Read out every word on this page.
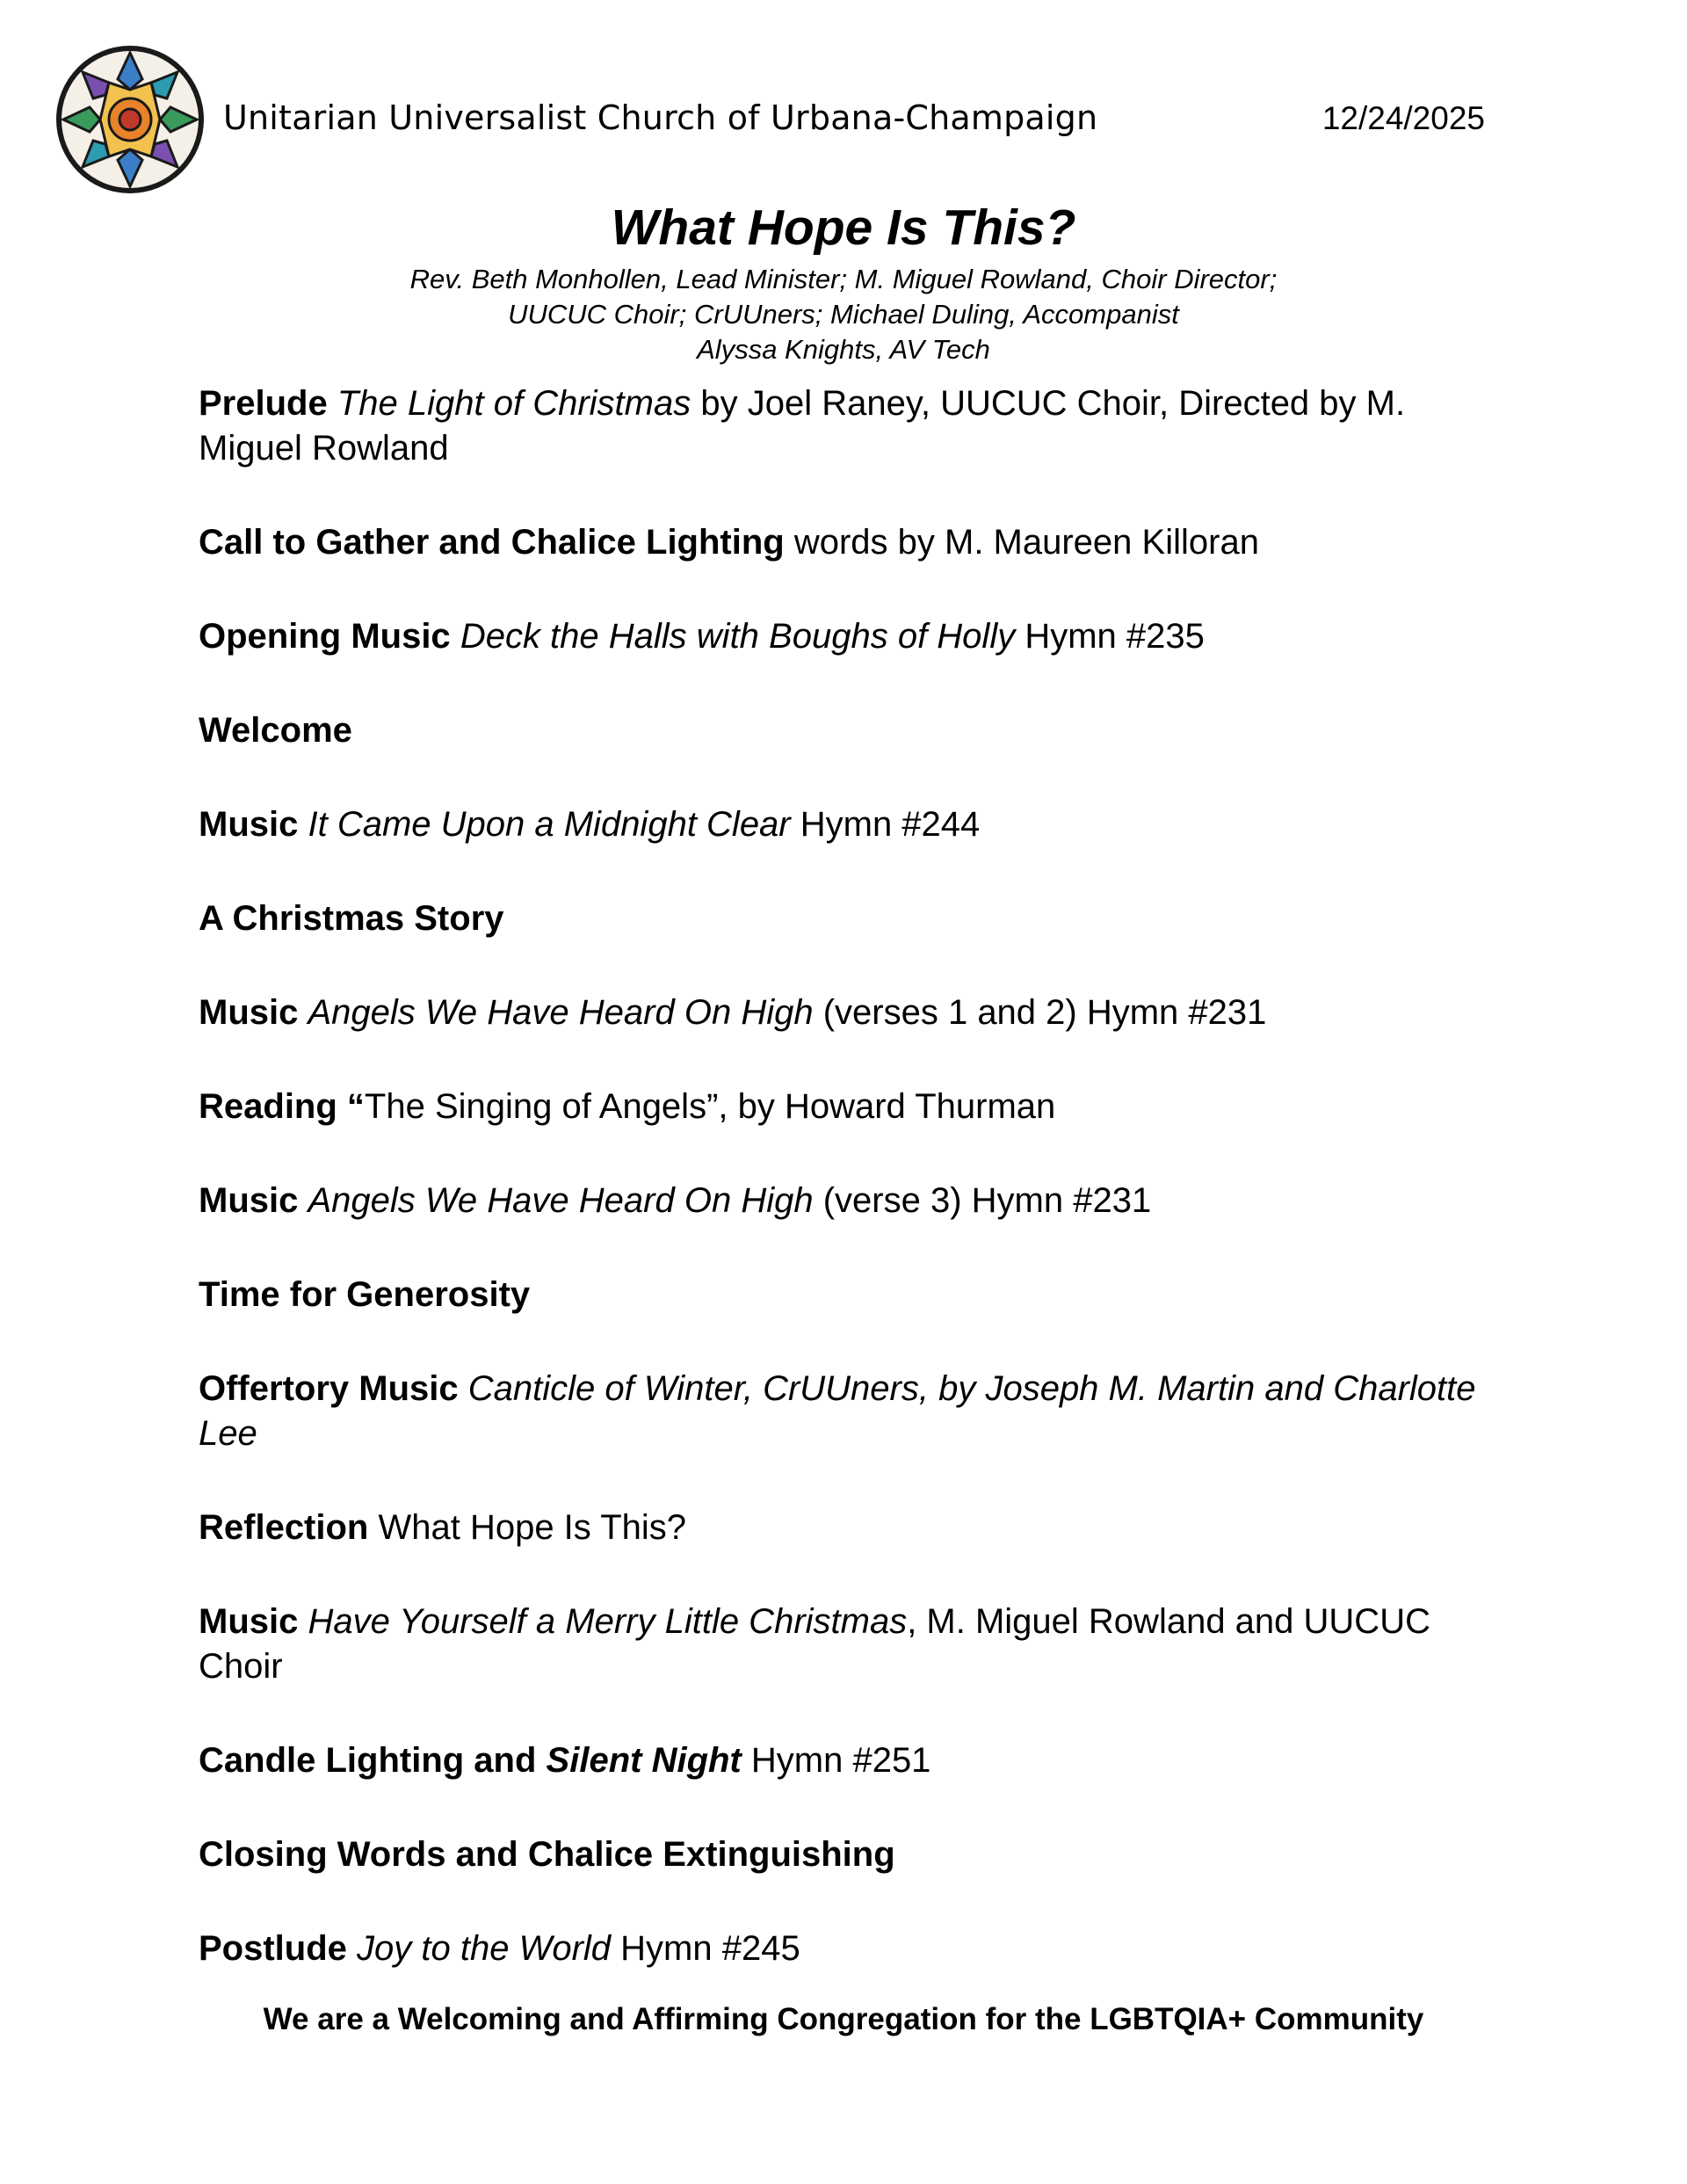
Unitarian Universalist Church of Urbana-Champaign	12/24/2025
What Hope Is This?
Rev. Beth Monhollen, Lead Minister; M. Miguel Rowland, Choir Director;
UUCUC Choir; CrUUners; Michael Duling, Accompanist
Alyssa Knights, AV Tech
Prelude The Light of Christmas by Joel Raney, UUCUC Choir, Directed by M. Miguel Rowland
Call to Gather and Chalice Lighting words by M. Maureen Killoran
Opening Music Deck the Halls with Boughs of Holly Hymn #235
Welcome
Music It Came Upon a Midnight Clear Hymn #244
A Christmas Story
Music Angels We Have Heard On High (verses 1 and 2) Hymn #231
Reading “The Singing of Angels”, by Howard Thurman
Music Angels We Have Heard On High (verse 3) Hymn #231
Time for Generosity
Offertory Music Canticle of Winter, CrUUners, by Joseph M. Martin and Charlotte Lee
Reflection What Hope Is This?
Music Have Yourself a Merry Little Christmas, M. Miguel Rowland and UUCUC Choir
Candle Lighting and Silent Night Hymn #251
Closing Words and Chalice Extinguishing
Postlude Joy to the World Hymn #245
We are a Welcoming and Affirming Congregation for the LGBTQIA+ Community
